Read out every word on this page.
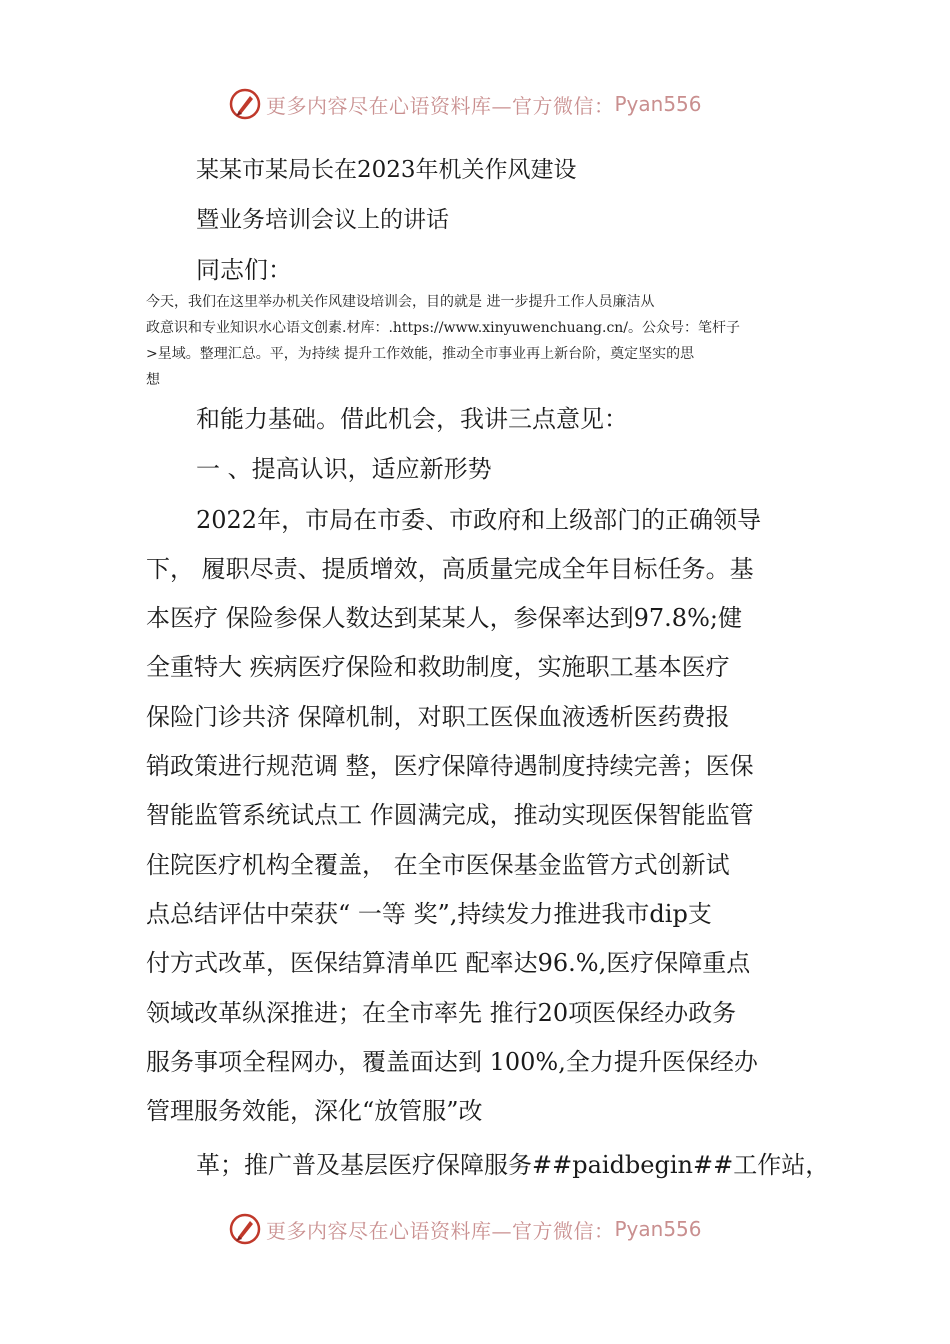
更多内容尽在心语资料库—官方微信： Pyan556
某某市某局长在2023年机关作风建设
暨业务培训会议上的讲话
同志们：
今天，我们在这里举办机关作风建设培训会，目的就是 进一步提升工作人员廉洁从
政意识和专业知识水心语文创素.材库：.https://www.xinyuwenchuang.cn/。公众号：笔杆子
>星域。整理汇总。平，为持续 提升工作效能，推动全市事业再上新台阶，奠定坚实的思
想
和能力基础。借此机会，我讲三点意见：
一 、提高认识，适应新形势
2022年，市局在市委、市政府和上级部门的正确领导
下， 履职尽责、提质增效，高质量完成全年目标任务。基
本医疗 保险参保人数达到某某人，参保率达到97.8%;健
全重特大 疾病医疗保险和救助制度，实施职工基本医疗
保险门诊共济 保障机制，对职工医保血液透析医药费报
销政策进行规范调 整，医疗保障待遇制度持续完善；医保
智能监管系统试点工 作圆满完成，推动实现医保智能监管
住院医疗机构全覆盖， 在全市医保基金监管方式创新试
点总结评估中荣获“ 一等 奖”,持续发力推进我市dip支
付方式改革，医保结算清单匹 配率达96.%,医疗保障重点
领域改革纵深推进；在全市率先 推行20项医保经办政务
服务事项全程网办，覆盖面达到 100%,全力提升医保经办
管理服务效能，深化“放管服”改
革；推广普及基层医疗保障服务##paidbegin##工作站，
更多内容尽在心语资料库—官方微信： Pyan556
